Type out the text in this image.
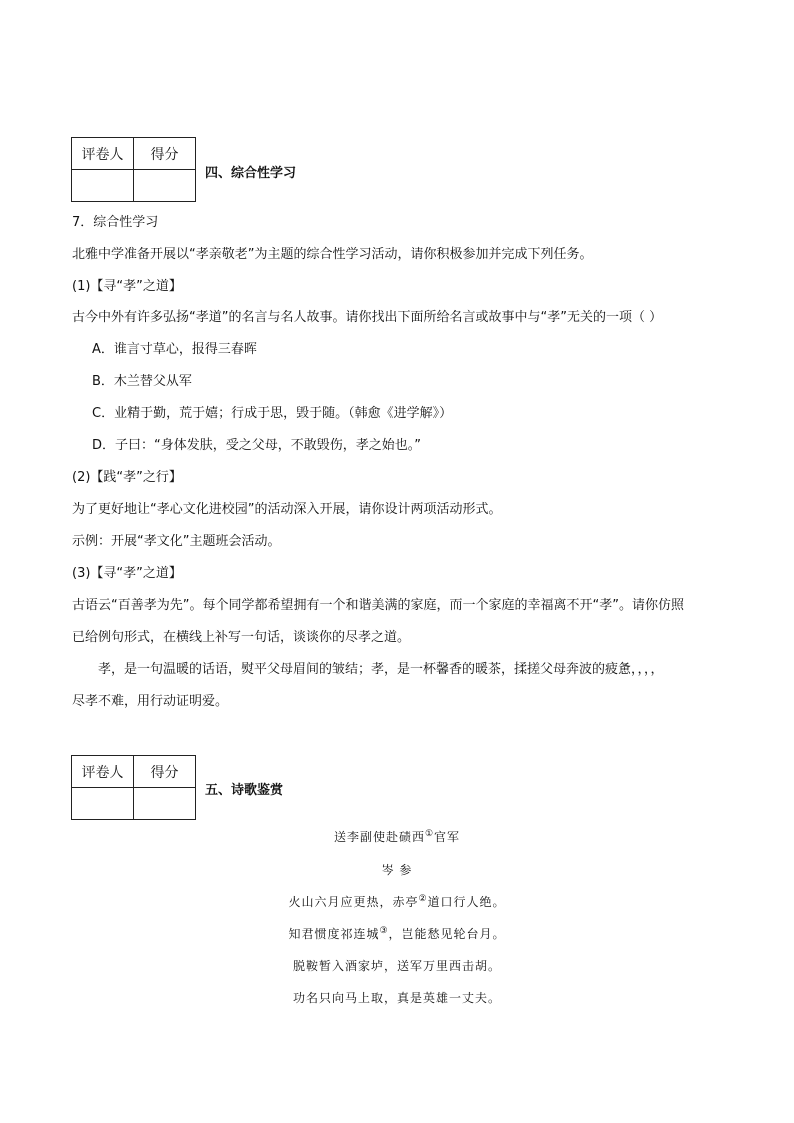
评卷人	得分

四、综合性学习
7．综合性学习
北雅中学准备开展以“孝亲敬老”为主题的综合性学习活动，请你积极参加并完成下列任务。
(1)【寻“孝”之道】
古今中外有许多弘扬“孝道”的名言与名人故事。请你找出下面所给名言或故事中与“孝”无关的一项（ ）
A．谁言寸草心，报得三春晖
B．木兰替父从军
C．业精于勤，荒于嬉；行成于思，毁于随。（韩愈《进学解》）
D．子曰：“身体发肤，受之父母，不敢毁伤，孝之始也。”
(2)【践“孝”之行】
为了更好地让“孝心文化进校园”的活动深入开展，请你设计两项活动形式。
示例：开展“孝文化”主题班会活动。
(3)【寻“孝”之道】
古语云“百善孝为先”。每个同学都希望拥有一个和谐美满的家庭，而一个家庭的幸福离不开“孝”。请你仿照
已给例句形式，在横线上补写一句话，谈谈你的尽孝之道。
孝，是一句温暖的话语，熨平父母眉间的皱结；孝，是一杯馨香的暖茶，揉搓父母奔波的疲惫，，，，
尽孝不难，用行动证明爱。
评卷人	得分

五、诗歌鉴赏
送李副使赴碛西①官军
岑 参
火山六月应更热，赤亭②道口行人绝。
知君惯度祁连城③，岂能愁见轮台月。
脱鞍暂入酒家垆，送军万里西击胡。
功名只向马上取，真是英雄一丈夫。
